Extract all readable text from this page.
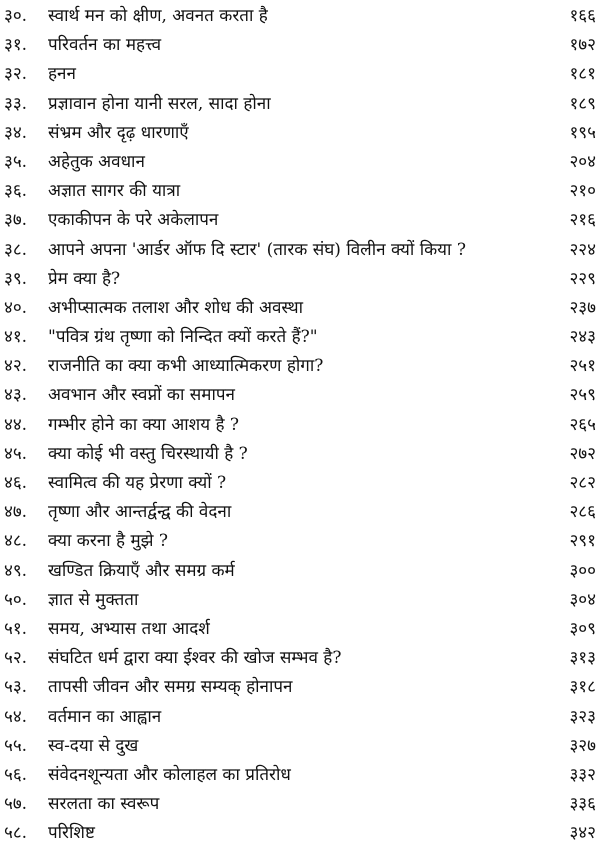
३०.	स्वार्थ मन को क्षीण, अवनत करता है	१६६
३१.	परिवर्तन का महत्त्व	१७२
३२.	हनन	१८१
३३.	प्रज्ञावान होना यानी सरल, सादा होना	१८९
३४.	संभ्रम और दृढ़ धारणाएँ	१९५
३५.	अहेतुक अवधान	२०४
३६.	अज्ञात सागर की यात्रा	२१०
३७.	एकाकीपन के परे अकेलापन	२१६
३८.	आपने अपना 'आर्डर ऑफ दि स्टार' (तारक संघ) विलीन क्यों किया ?	२२४
३९.	प्रेम क्या है?	२२९
४०.	अभीप्सात्मक तलाश और शोध की अवस्था	२३७
४१.	"पवित्र ग्रंथ तृष्णा को निन्दित क्यों करते हैं?"	२४३
४२.	राजनीति का क्या कभी आध्यात्मिकरण होगा?	२५१
४३.	अवभान और स्वप्नों का समापन	२५९
४४.	गम्भीर होने का क्या आशय है ?	२६५
४५.	क्या कोई भी वस्तु चिरस्थायी है ?	२७२
४६.	स्वामित्व की यह प्रेरणा क्यों ?	२८२
४७.	तृष्णा और आन्तर्द्वन्द्व की वेदना	२८६
४८.	क्या करना है मुझे ?	२९१
४९.	खण्डित क्रियाएँ और समग्र कर्म	३००
५०.	ज्ञात से मुक्तता	३०४
५१.	समय, अभ्यास तथा आदर्श	३०९
५२.	संघटित धर्म द्वारा क्या ईश्वर की खोज सम्भव है?	३१३
५३.	तापसी जीवन और समग्र सम्यक् होनापन	३१८
५४.	वर्तमान का आह्वान	३२३
५५.	स्व-दया से दुख	३२७
५६.	संवेदनशून्यता और कोलाहल का प्रतिरोध	३३२
५७.	सरलता का स्वरूप	३३६
५८.	परिशिष्ट	३४२
